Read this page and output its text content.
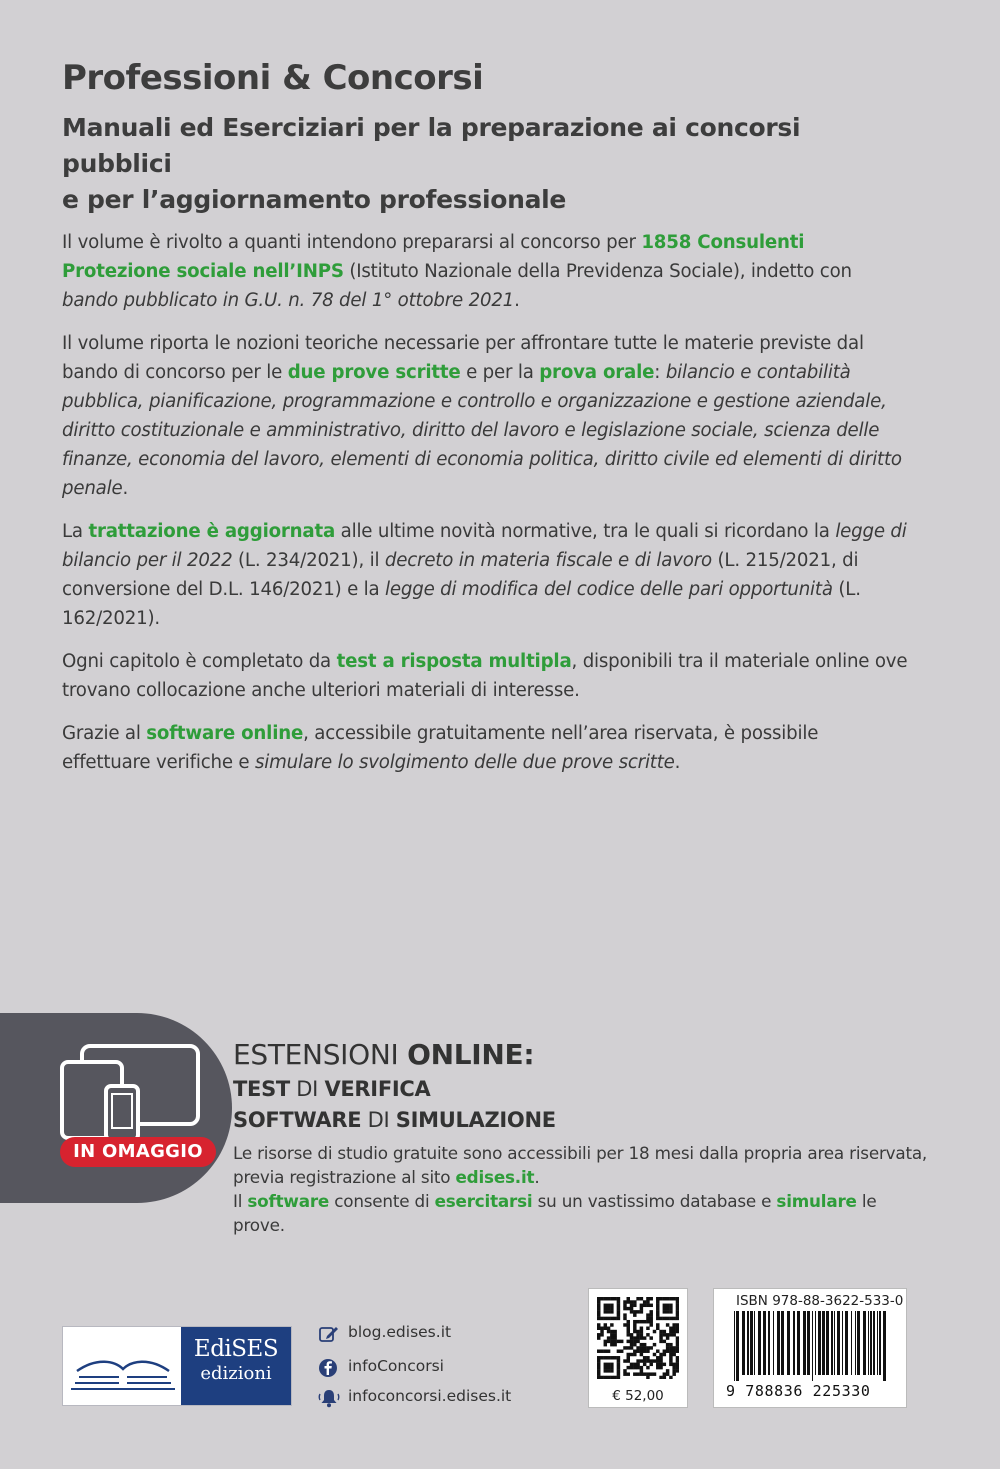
Professioni & Concorsi
Manuali ed Eserciziari per la preparazione ai concorsi pubblici
e per l’aggiornamento professionale

Il volume è rivolto a quanti intendono prepararsi al concorso per 1858 Consulenti Protezione sociale nell’INPS (Istituto Nazionale della Previdenza Sociale), indetto con bando pubblicato in G.U. n. 78 del 1° ottobre 2021.

Il volume riporta le nozioni teoriche necessarie per affrontare tutte le materie previste dal bando di concorso per le due prove scritte e per la prova orale: bilancio e contabilità pubblica, pianificazione, programmazione e controllo e organizzazione e gestione aziendale, diritto costituzionale e amministrativo, diritto del lavoro e legislazione sociale, scienza delle finanze, economia del lavoro, elementi di economia politica, diritto civile ed elementi di diritto penale.

La trattazione è aggiornata alle ultime novità normative, tra le quali si ricordano la legge di bilancio per il 2022 (L. 234/2021), il decreto in materia fiscale e di lavoro (L. 215/2021, di conversione del D.L. 146/2021) e la legge di modifica del codice delle pari opportunità (L. 162/2021).

Ogni capitolo è completato da test a risposta multipla, disponibili tra il materiale online ove trovano collocazione anche ulteriori materiali di interesse.

Grazie al software online, accessibile gratuitamente nell’area riservata, è possibile effettuare verifiche e simulare lo svolgimento delle due prove scritte.

IN OMAGGIO
ESTENSIONI ONLINE:
TEST DI VERIFICA
SOFTWARE DI SIMULAZIONE

Le risorse di studio gratuite sono accessibili per 18 mesi dalla propria area riservata, previa registrazione al sito edises.it.

Il software consente di esercitarsi su un vastissimo database e simulare le prove.

EdiSES
edizioni
blog.edises.it
infoConcorsi
infoconcorsi.edises.it	€ 52,00
ISBN 978-88-3622-533-0
9 788836 225330
